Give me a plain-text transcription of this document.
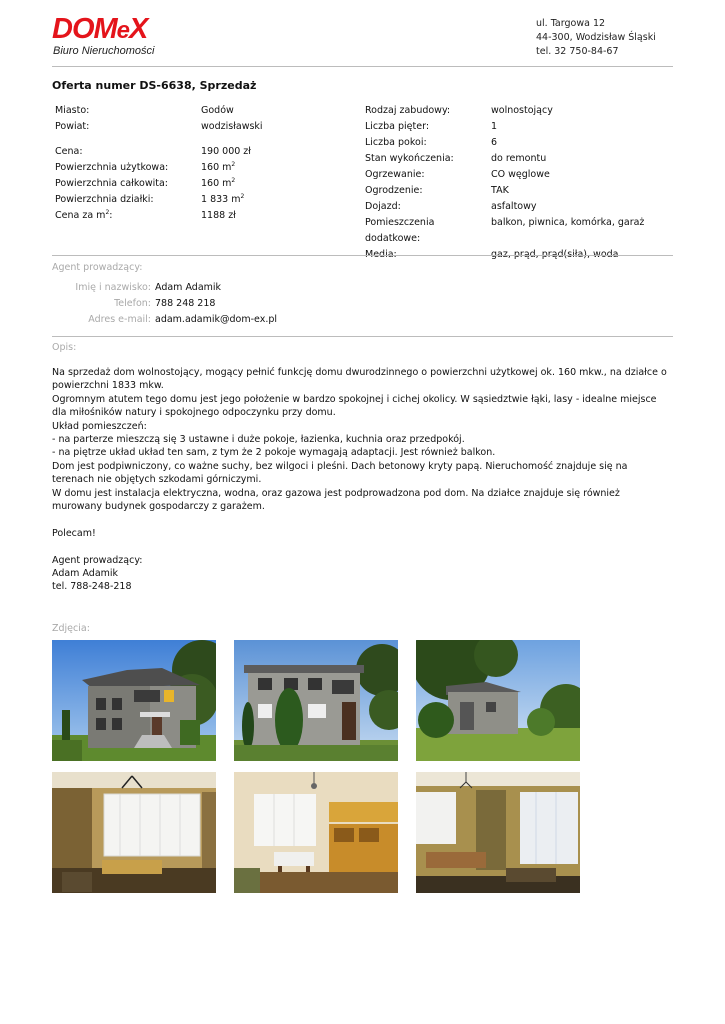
DOMeX
Biuro Nieruchomości
ul. Targowa 12
44-300, Wodzisław Śląski
tel. 32 750-84-67
Oferta numer DS-6638, Sprzedaż
Miasto:	Godów
Powiat:	wodzisławski
Cena:	190 000 zł
Powierzchnia użytkowa:	160 $m^2$
Powierzchnia całkowita:	160 $m^2$
Powierzchnia działki:	1 833 $m^2$
Cena za $m^2$:	1188 zł
Rodzaj zabudowy:	wolnostojący
Liczba pięter:	1
Liczba pokoi:	6
Stan wykończenia:	do remontu
Ogrzewanie:	CO węglowe
Ogrodzenie:	TAK
Dojazd:	asfaltowy
Pomieszczenia dodatkowe:
balkon, piwnica, komórka, garaż
Media:	gaz, prąd, prąd(siła), woda
Agent prowadzący:
Imię i nazwisko: Adam Adamik
Telefon: 788 248 218
Adres e-mail: adam.adamik@dom-ex.pl
Opis:

Na sprzedaż dom wolnostojący, mogący pełnić funkcję domu dwurodzinnego o powierzchni użytkowej ok. 160 mkw., na działce o powierzchni 1833 mkw.

Ogromnym atutem tego domu jest jego położenie w bardzo spokojnej i cichej okolicy. W sąsiedztwie łąki, lasy - idealne miejsce dla miłośników natury i spokojnego odpoczynku przy domu.

Układ pomieszczeń:

- na parterze mieszczą się 3 ustawne i duże pokoje, łazienka, kuchnia oraz przedpokój.

- na piętrze układ układ ten sam, z tym że 2 pokoje wymagają adaptacji. Jest również balkon.

Dom jest podpiwniczony, co ważne suchy, bez wilgoci i pleśni. Dach betonowy kryty papą. Nieruchomość znajduje się na terenach nie objętych szkodami górniczymi.

W domu jest instalacja elektryczna, wodna, oraz gazowa jest podprowadzona pod dom. Na działce znajduje się również murowany budynek gospodarczy z garażem.

Polecam!

Agent prowadzący:

Adam Adamik

tel. 788-248-218

Zdjęcia:
